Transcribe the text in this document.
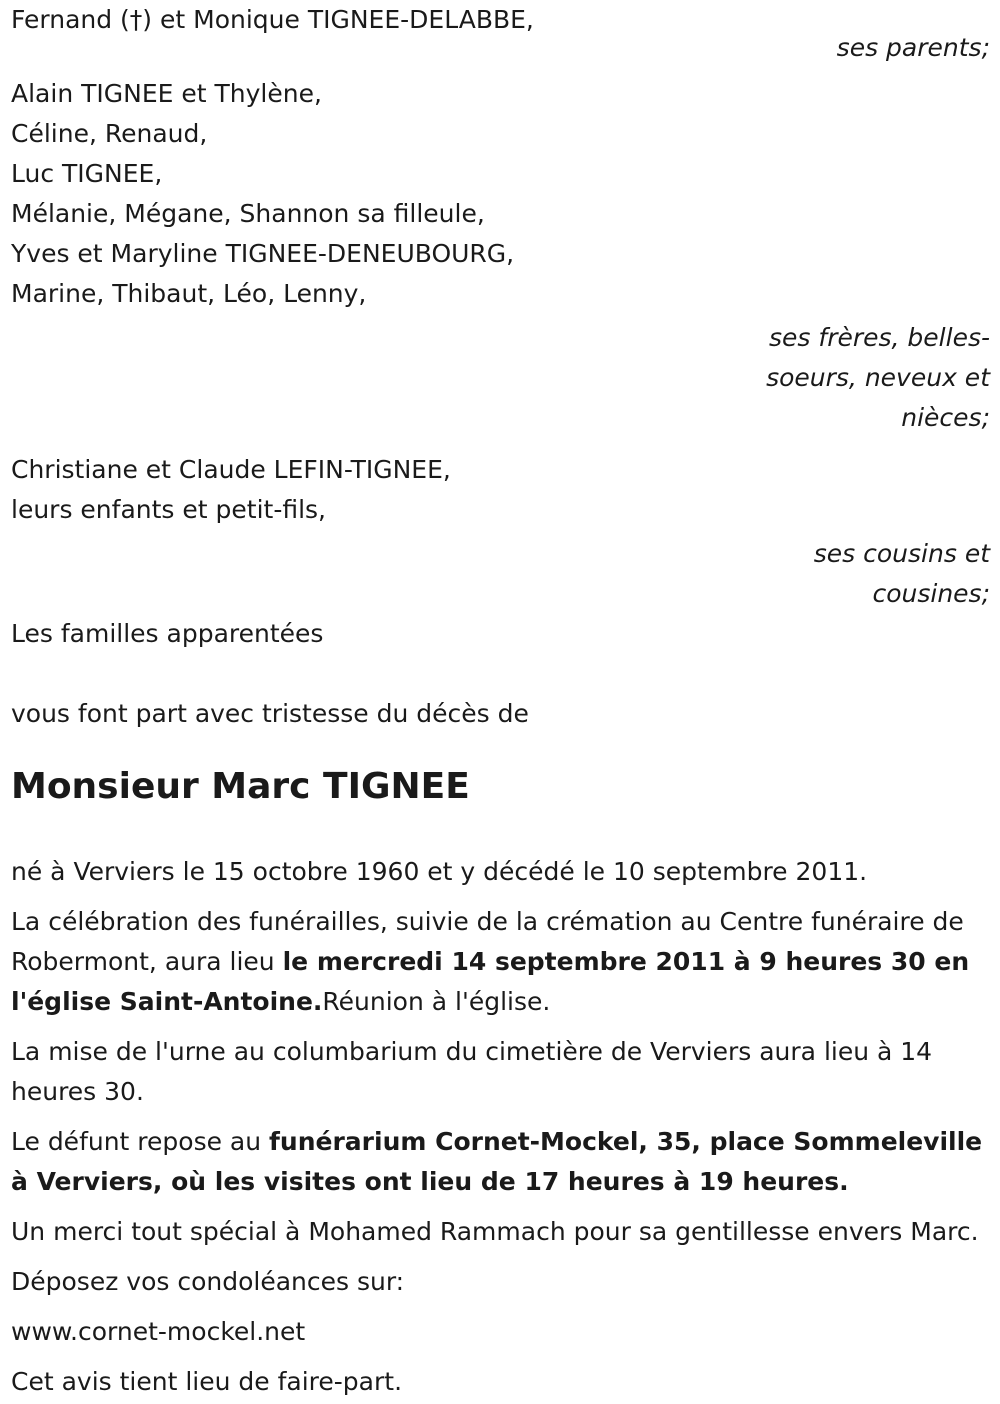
Fernand (†) et Monique TIGNEE-DELABBE,
ses parents;
Alain TIGNEE et Thylène,
Céline, Renaud,
Luc TIGNEE,
Mélanie, Mégane, Shannon sa filleule,
Yves et Maryline TIGNEE-DENEUBOURG,
Marine, Thibaut, Léo, Lenny,
ses frères, belles-
soeurs, neveux et
nièces;
Christiane et Claude LEFIN-TIGNEE,
leurs enfants et petit-fils,
ses cousins et
cousines;
Les familles apparentées
vous font part avec tristesse du décès de
Monsieur Marc TIGNEE
né à Verviers le 15 octobre 1960 et y décédé le 10 septembre 2011.
La célébration des funérailles, suivie de la crémation au Centre funéraire de Robermont, aura lieu le mercredi 14 septembre 2011 à 9 heures 30 en l'église Saint-Antoine.Réunion à l'église.
La mise de l'urne au columbarium du cimetière de Verviers aura lieu à 14 heures 30.
Le défunt repose au funérarium Cornet-Mockel, 35, place Sommeleville à Verviers, où les visites ont lieu de 17 heures à 19 heures.
Un merci tout spécial à Mohamed Rammach pour sa gentillesse envers Marc.
Déposez vos condoléances sur:
www.cornet-mockel.net
Cet avis tient lieu de faire-part.
